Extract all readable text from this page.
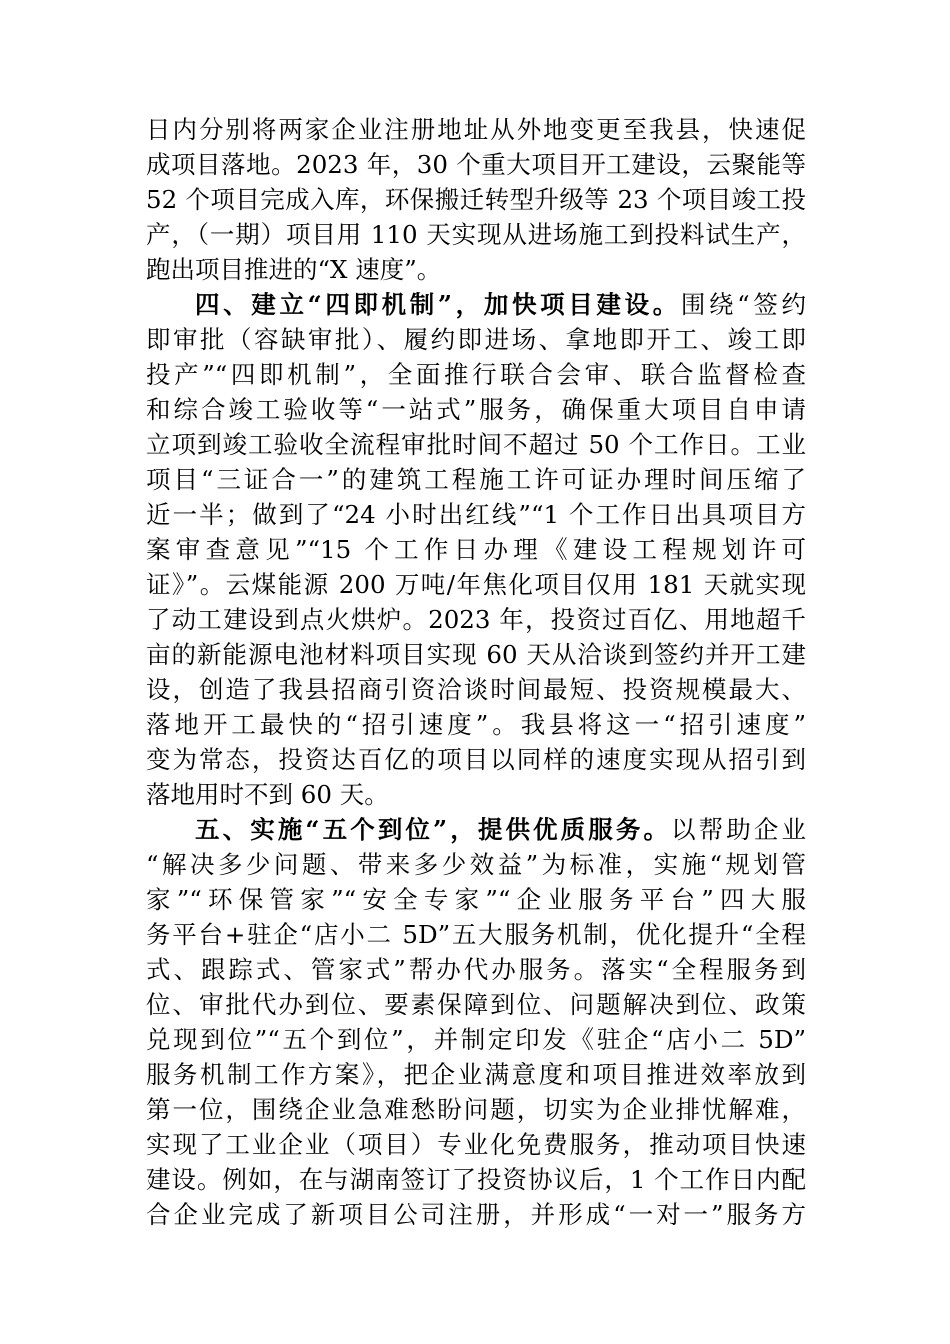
日内分别将两家企业注册地址从外地变更至我县，快速促
成项目落地。2023 年，30 个重大项目开工建设，云聚能等
52 个项目完成入库，环保搬迁转型升级等 23 个项目竣工投
产，（一期）项目用 110 天实现从进场施工到投料试生产，
跑出项目推进的“X 速度”。
四、建立“四即机制”，加快项目建设。围绕“签约
即审批（容缺审批）、履约即进场、拿地即开工、竣工即
投产”“四即机制”，全面推行联合会审、联合监督检查
和综合竣工验收等“一站式”服务，确保重大项目自申请
立项到竣工验收全流程审批时间不超过 50 个工作日。工业
项目“三证合一”的建筑工程施工许可证办理时间压缩了
近一半；做到了“24 小时出红线”“1 个工作日出具项目方
案审查意见”“15 个工作日办理《建设工程规划许可
证》”。云煤能源 200 万吨/年焦化项目仅用 181 天就实现
了动工建设到点火烘炉。2023 年，投资过百亿、用地超千
亩的新能源电池材料项目实现 60 天从洽谈到签约并开工建
设，创造了我县招商引资洽谈时间最短、投资规模最大、
落地开工最快的“招引速度”。我县将这一“招引速度”
变为常态，投资达百亿的项目以同样的速度实现从招引到
落地用时不到 60 天。
五、实施“五个到位”，提供优质服务。以帮助企业
“解决多少问题、带来多少效益”为标准，实施“规划管
家”“环保管家”“安全专家”“企业服务平台”四大服
务平台+驻企“店小二 5D”五大服务机制，优化提升“全程
式、跟踪式、管家式”帮办代办服务。落实“全程服务到
位、审批代办到位、要素保障到位、问题解决到位、政策
兑现到位”“五个到位”，并制定印发《驻企“店小二 5D”
服务机制工作方案》，把企业满意度和项目推进效率放到
第一位，围绕企业急难愁盼问题，切实为企业排忧解难，
实现了工业企业（项目）专业化免费服务，推动项目快速
建设。例如，在与湖南签订了投资协议后，1 个工作日内配
合企业完成了新项目公司注册，并形成“一对一”服务方
